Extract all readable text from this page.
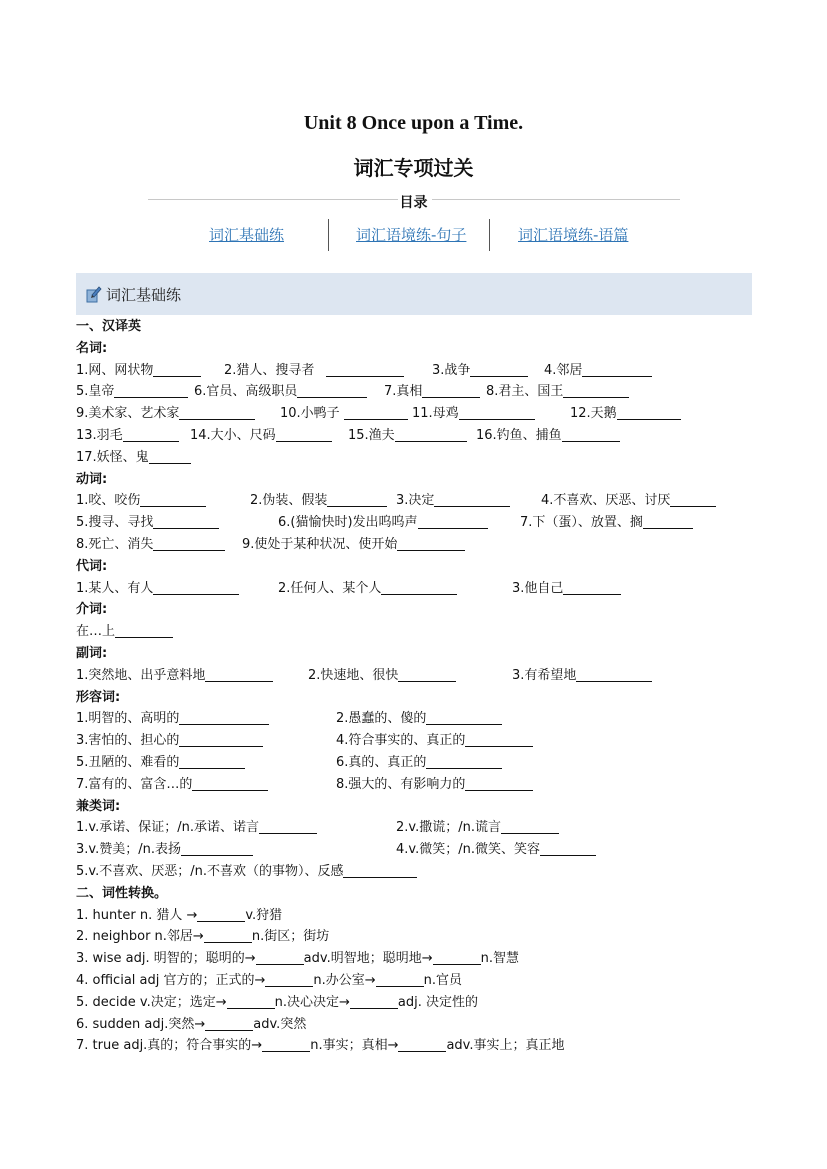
Unit 8 Once upon a Time.
词汇专项过关
目录
词汇基础练	词汇语境练-句子	词汇语境练-语篇
词汇基础练
一、汉译英
名词:
1.网、网状物	2.猎人、搜寻者	3.战争	4.邻居
5.皇帝	6.官员、高级职员	7.真相	8.君主、国王
9.美术家、艺术家	10.小鸭子	11.母鸡	12.天鹅
13.羽毛	14.大小、尺码	15.渔夫	16.钓鱼、捕鱼
17.妖怪、鬼
动词:
1.咬、咬伤	2.伪装、假装	3.决定	4.不喜欢、厌恶、讨厌
5.搜寻、寻找	6.(猫愉快时)发出呜呜声	7.下（蛋）、放置、搁
8.死亡、消失	9.使处于某种状况、使开始
代词:
1.某人、有人	2.任何人、某个人	3.他自己
介词:
在…上
副词:
1.突然地、出乎意料地	2.快速地、很快	3.有希望地
形容词:
1.明智的、高明的	2.愚蠢的、傻的
3.害怕的、担心的	4.符合事实的、真正的
5.丑陋的、难看的	6.真的、真正的
7.富有的、富含…的	8.强大的、有影响力的
兼类词:
1.v.承诺、保证；/n.承诺、诺言	2.v.撒谎；/n.谎言
3.v.赞美；/n.表扬	4.v.微笑；/n.微笑、笑容
5.v.不喜欢、厌恶；/n.不喜欢（的事物）、反感
二、词性转换。
1. hunter n. 猎人 →	v.狩猎
2. neighbor n.邻居→	n.街区；街坊
3. wise adj. 明智的；聪明的→	adv.明智地；聪明地→	n.智慧
4. official adj 官方的；正式的→	n.办公室→	n.官员
5. decide v.决定；选定→	n.决心决定→	adj. 决定性的
6. sudden adj.突然→	adv.突然
7. true adj.真的；符合事实的→	n.事实；真相→	adv.事实上；真正地
